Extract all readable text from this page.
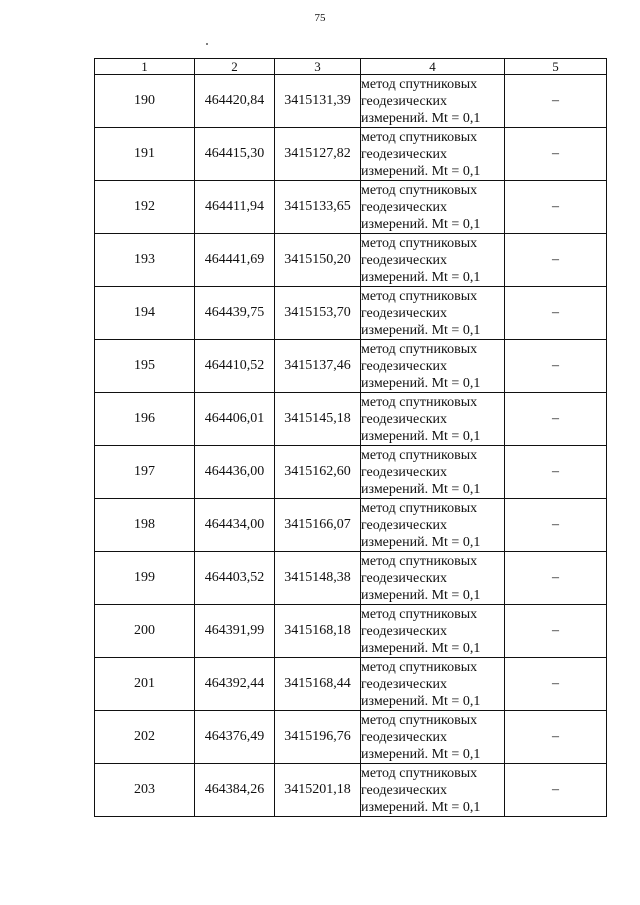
75
1	2	3	4	5
190	464420,84	3415131,39	метод спутниковых
геодезических
измерений. Mt = 0,1	–
191	464415,30	3415127,82	метод спутниковых
геодезических
измерений. Mt = 0,1	–
192	464411,94	3415133,65	метод спутниковых
геодезических
измерений. Mt = 0,1	–
193	464441,69	3415150,20	метод спутниковых
геодезических
измерений. Mt = 0,1	–
194	464439,75	3415153,70	метод спутниковых
геодезических
измерений. Mt = 0,1	–
195	464410,52	3415137,46	метод спутниковых
геодезических
измерений. Mt = 0,1	–
196	464406,01	3415145,18	метод спутниковых
геодезических
измерений. Mt = 0,1	–
197	464436,00	3415162,60	метод спутниковых
геодезических
измерений. Mt = 0,1	–
198	464434,00	3415166,07	метод спутниковых
геодезических
измерений. Mt = 0,1	–
199	464403,52	3415148,38	метод спутниковых
геодезических
измерений. Mt = 0,1	–
200	464391,99	3415168,18	метод спутниковых
геодезических
измерений. Mt = 0,1	–
201	464392,44	3415168,44	метод спутниковых
геодезических
измерений. Mt = 0,1	–
202	464376,49	3415196,76	метод спутниковых
геодезических
измерений. Mt = 0,1	–
203	464384,26	3415201,18	метод спутниковых
геодезических
измерений. Mt = 0,1	–
